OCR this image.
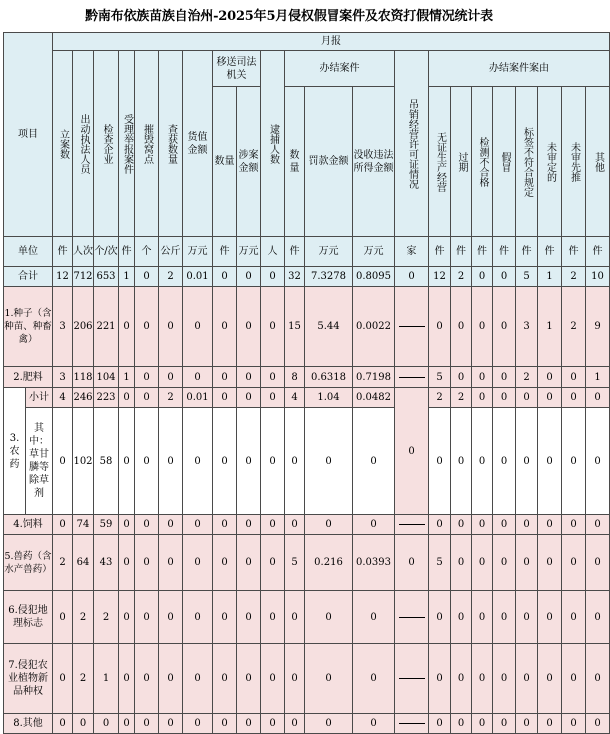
黔南布依族苗族自治州-2025年5月侵权假冒案件及农资打假情况统计表
项目		月报																					

		立案数	出动执法人员	检查企业	受理举报案件	摧毁窝点	查获数量	货值金额	移送司法机关		逮捕人数	办结案件			吊销经营许可证情况	办结案件案由							
									数量	涉案金额		数量	罚款金额	没收违法所得金额		无证生产经营	过期	检测不合格	假冒	标签不符合规定	未审定的	未审先推	其他

单位		件	人次	个/次	件	个	公斤	万元	件	万元	人	件	万元	万元	家	件	件	件	件	件	件	件	件
合计		12	712	653	1	0	2	0.01	0	0	0	32	7.3278	0.8095	0	12	2	0	0	5	1	2	10
1.种子（含种苗、种畜禽）		3	206	221	0	0	0	0	0	0	0	15	5.44	0.0022		0	0	0	0	3	1	2	9
2.肥料		3	118	104	1	0	0	0	0	0	0	8	0.6318	0.7198		5	0	0	0	2	0	0	1

3.农药	小计	4	246	223	0	0	2	0.01	0	0	0	4	1.04	0.0482	0	2	2	0	0	0	0	0	0
	其中：草甘膦等除草剂	0	102	58	0	0	0	0	0	0	0	0	0	0		0	0	0	0	0	0	0	0
4.饲料		0	74	59	0	0	0	0	0	0	0	0	0	0		0	0	0	0	0	0	0	0
5.兽药（含水产兽药）		2	64	43	0	0	0	0	0	0	0	5	0.216	0.0393	0	5	0	0	0	0	0	0	0
6.侵犯地理标志		0	2	2	0	0	0	0	0	0	0	0	0	0		0	0	0	0	0	0	0	0
7.侵犯农业植物新品种权		0	2	1	0	0	0	0	0	0	0	0	0	0		0	0	0	0	0	0	0	0
8.其他		0	0	0	0	0	0	0	0	0	0	0	0	0		0	0	0	0	0	0	0	0
